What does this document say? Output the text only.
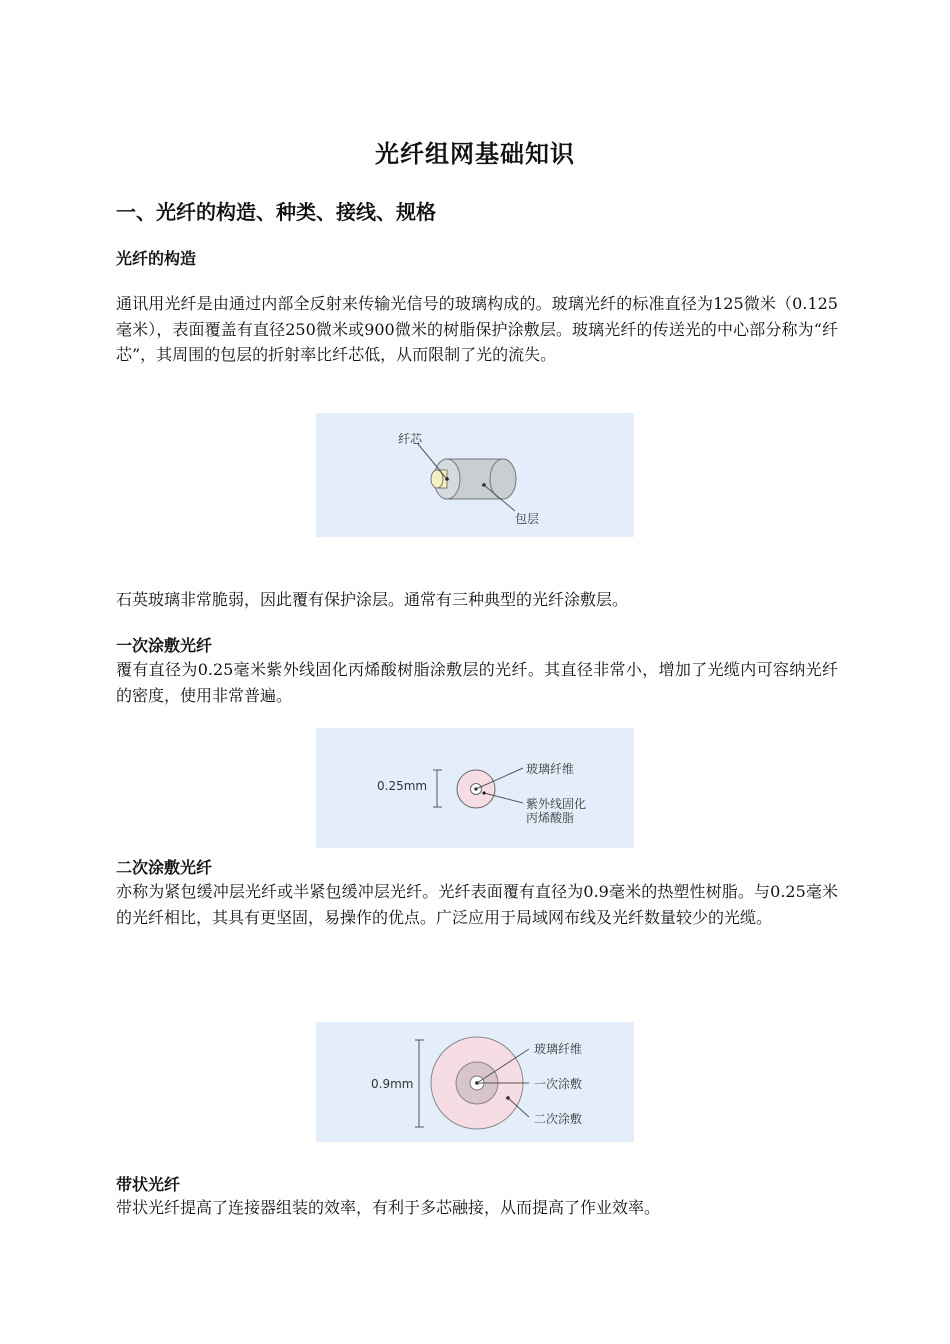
光纤组网基础知识
一、光纤的构造、种类、接线、规格
光纤的构造
通讯用光纤是由通过内部全反射来传输光信号的玻璃构成的。玻璃光纤的标准直径为125微米（0.125毫米），表面覆盖有直径250微米或900微米的树脂保护涂敷层。玻璃光纤的传送光的中心部分称为“纤芯”，其周围的包层的折射率比纤芯低，从而限制了光的流失。
纤芯
包层
石英玻璃非常脆弱，因此覆有保护涂层。通常有三种典型的光纤涂敷层。
一次涂敷光纤
覆有直径为0.25毫米紫外线固化丙烯酸树脂涂敷层的光纤。其直径非常小，增加了光缆内可容纳光纤的密度，使用非常普遍。
0.25mm
玻璃纤维
紫外线固化
丙烯酸脂
二次涂敷光纤
亦称为紧包缓冲层光纤或半紧包缓冲层光纤。光纤表面覆有直径为0.9毫米的热塑性树脂。与0.25毫米的光纤相比，其具有更坚固，易操作的优点。广泛应用于局域网布线及光纤数量较少的光缆。
0.9mm
玻璃纤维
一次涂敷
二次涂敷
带状光纤
带状光纤提高了连接器组装的效率，有利于多芯融接，从而提高了作业效率。
